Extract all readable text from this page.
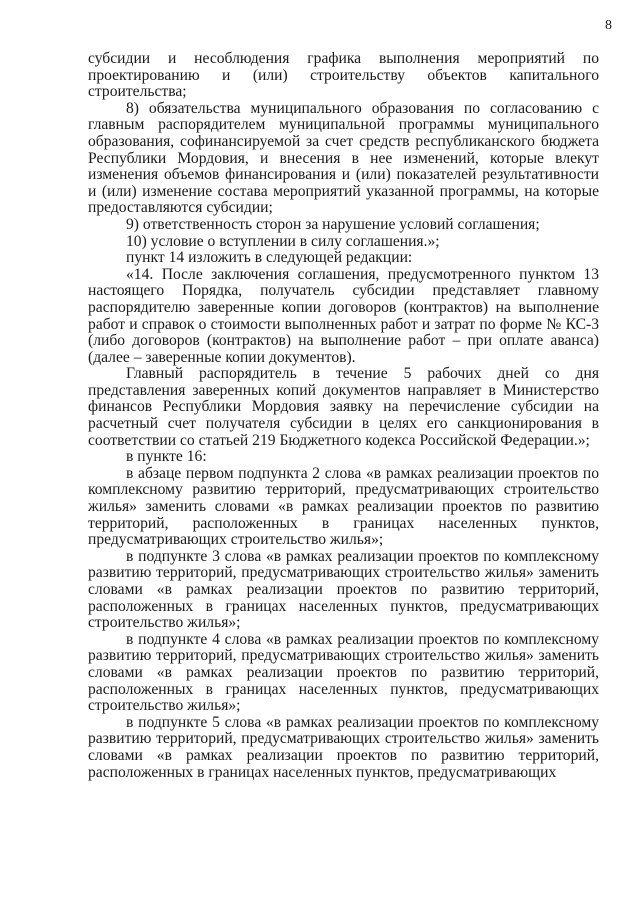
8

субсидии и несоблюдения графика выполнения мероприятий по проектированию и (или) строительству объектов капитального строительства;

8) обязательства муниципального образования по согласованию с главным распорядителем муниципальной программы муниципального образования, софинансируемой за счет средств республиканского бюджета Республики Мордовия, и внесения в нее изменений, которые влекут изменения объемов финансирования и (или) показателей результативности и (или) изменение состава мероприятий указанной программы, на которые предоставляются субсидии;

9) ответственность сторон за нарушение условий соглашения;

10) условие о вступлении в силу соглашения.»;

пункт 14 изложить в следующей редакции:

«14. После заключения соглашения, предусмотренного пунктом 13 настоящего Порядка, получатель субсидии представляет главному распорядителю заверенные копии договоров (контрактов) на выполнение работ и справок о стоимости выполненных работ и затрат по форме № КС-3 (либо договоров (контрактов) на выполнение работ – при оплате аванса) (далее – заверенные копии документов).

Главный распорядитель в течение 5 рабочих дней со дня представления заверенных копий документов направляет в Министерство финансов Республики Мордовия заявку на перечисление субсидии на расчетный счет получателя субсидии в целях его санкционирования в соответствии со статьей 219 Бюджетного кодекса Российской Федерации.»;

в пункте 16:

в абзаце первом подпункта 2 слова «в рамках реализации проектов по комплексному развитию территорий, предусматривающих строительство жилья» заменить словами «в рамках реализации проектов по развитию территорий, расположенных в границах населенных пунктов, предусматривающих строительство жилья»;

в подпункте 3 слова «в рамках реализации проектов по комплексному развитию территорий, предусматривающих строительство жилья» заменить словами «в рамках реализации проектов по развитию территорий, расположенных в границах населенных пунктов, предусматривающих строительство жилья»;

в подпункте 4 слова «в рамках реализации проектов по комплексному развитию территорий, предусматривающих строительство жилья» заменить словами «в рамках реализации проектов по развитию территорий, расположенных в границах населенных пунктов, предусматривающих строительство жилья»;

в подпункте 5 слова «в рамках реализации проектов по комплексному развитию территорий, предусматривающих строительство жилья» заменить словами «в рамках реализации проектов по развитию территорий, расположенных в границах населенных пунктов, предусматривающих
